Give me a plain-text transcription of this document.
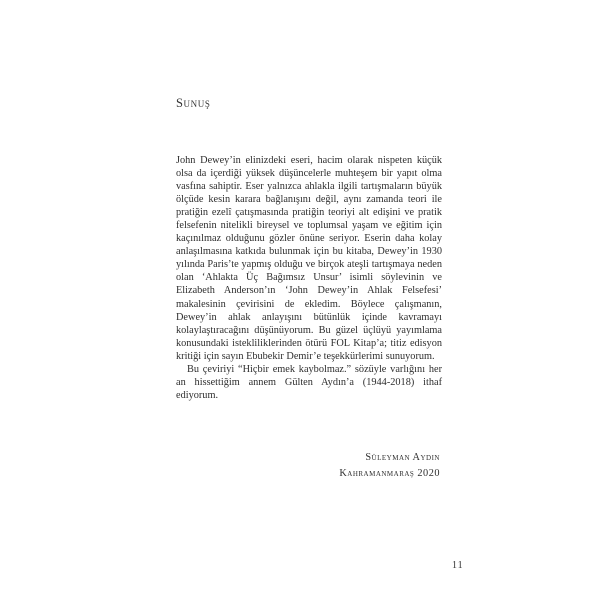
Sunuş

John Dewey’in elinizdeki eseri, hacim olarak nispeten küçük olsa da içerdiği yüksek düşüncelerle muhteşem bir yapıt olma vasfına sahiptir. Eser yalnızca ahlakla ilgili tartışmaların büyük ölçüde kesin karara bağlanışını değil, aynı zamanda teori ile pratiğin ezelî çatışmasında pratiğin teoriyi alt edişini ve pratik felsefenin nitelikli bireysel ve toplumsal yaşam ve eğitim için kaçınılmaz olduğunu gözler önüne seriyor. Eserin daha kolay anlaşılmasına katkıda bulunmak için bu kitaba, Dewey’in 1930 yılında Paris’te yapmış olduğu ve birçok ateşli tartışmaya neden olan ‘Ahlakta Üç Bağımsız Unsur’ isimli söylevinin ve Elizabeth Anderson’ın ‘John Dewey’in Ahlak Felsefesi’ makalesinin çevirisini de ekledim. Böylece çalışmanın, Dewey’in ahlak anlayışını bütünlük içinde kavramayı kolaylaştıracağını düşünüyorum. Bu güzel üçlüyü yayımlama konusundaki istekliliklerinden ötürü FOL Kitap’a; titiz edisyon kritiği için sayın Ebubekir Demir’e teşekkürlerimi sunuyorum.

Bu çeviriyi “Hiçbir emek kaybolmaz.” sözüyle varlığını her an hissettiğim annem Gülten Aydın’a (1944-2018) ithaf ediyorum.

Süleyman Aydın
Kahramanmaraş 2020
11
